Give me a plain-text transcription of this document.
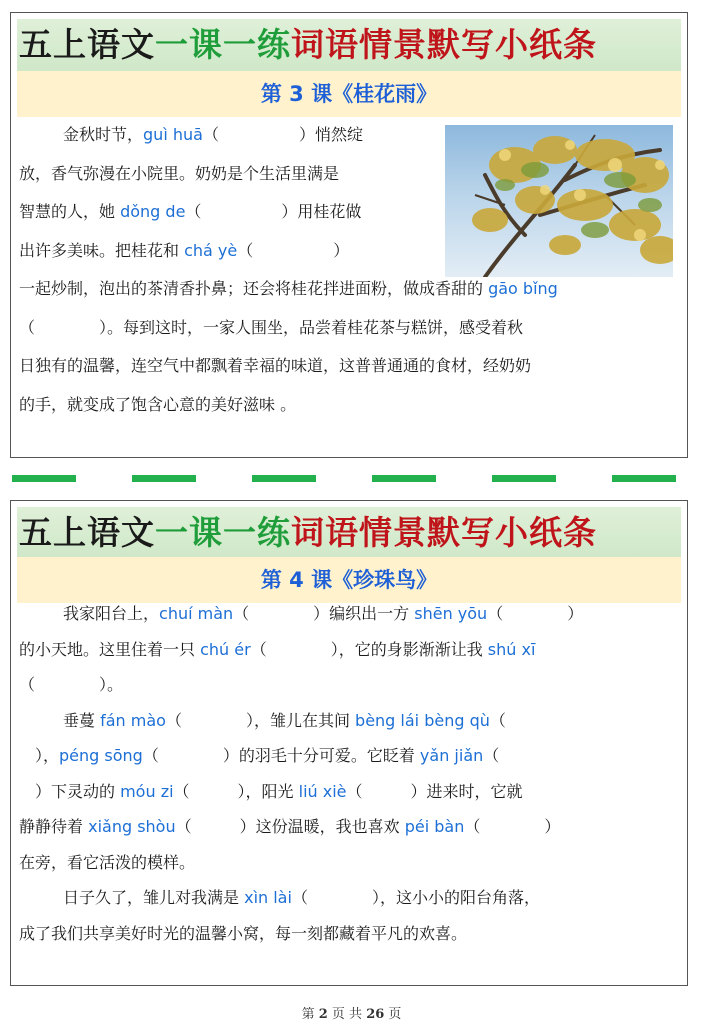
五上语文一课一练词语情景默写小纸条
第 3 课《桂花雨》
金秋时节，guì huā（　　　　　）悄然绽
放，香气弥漫在小院里。奶奶是个生活里满是
智慧的人，她 dǒng de（　　　　　）用桂花做
出许多美味。把桂花和 chá yè（　　　　　）
一起炒制，泡出的茶清香扑鼻；还会将桂花拌进面粉，做成香甜的 gāo bǐng
（　　　　）。每到这时，一家人围坐，品尝着桂花茶与糕饼，感受着秋
日独有的温馨，连空气中都飘着幸福的味道，这普普通通的食材，经奶奶
的手，就变成了饱含心意的美好滋味 。
五上语文一课一练词语情景默写小纸条
第 4 课《珍珠鸟》
我家阳台上，chuí màn（　　　　）编织出一方 shēn yōu（　　　　）
的小天地。这里住着一只 chú ér（　　　　），它的身影渐渐让我 shú xī
（　　　　）。
垂蔓 fán mào（　　　　），雏儿在其间 bèng lái bèng qù（
　），péng sōng（　　　　）的羽毛十分可爱。它眨着 yǎn jiǎn（
　）下灵动的 móu zi（　　　），阳光 liú xiè（　　　）进来时，它就
静静待着 xiǎng shòu（　　　）这份温暖，我也喜欢 péi bàn（　　　　）
在旁，看它活泼的模样。
日子久了，雏儿对我满是 xìn lài（　　　　），这小小的阳台角落，
成了我们共享美好时光的温馨小窝，每一刻都藏着平凡的欢喜。
第 2 页 共 26 页
